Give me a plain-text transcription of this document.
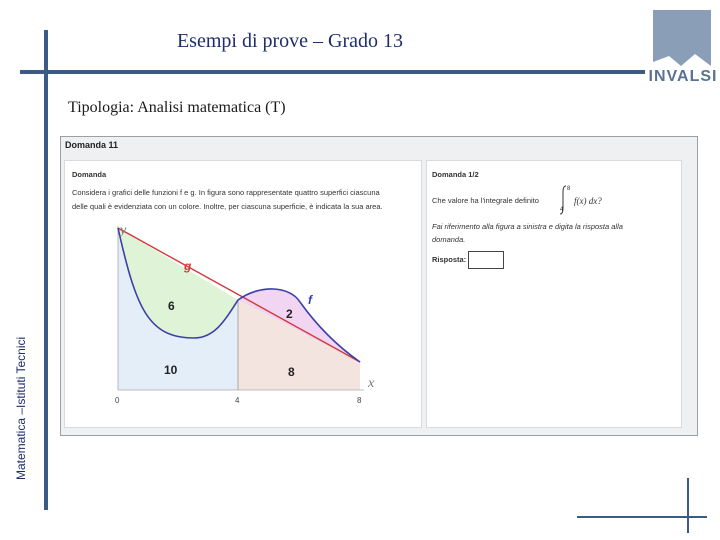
Esempi di prove – Grado 13
INVALSI
Tipologia: Analisi matematica (T)
Matematica –Istituti Tecnici
Domanda 11
Domanda
Considera i grafici delle funzioni f e g. In figura sono rappresentate quattro superfici ciascuna
delle quali è evidenziata con un colore. Inoltre, per ciascuna superficie, è indicata la sua area.
y
x
g
f
6
2
10	8
0	4	8
Domanda 1/2
Che valore ha l'integrale definito
8
4
f(x) dx?
Fai riferimento alla figura a sinistra e digita la risposta alla
domanda.
Risposta:
